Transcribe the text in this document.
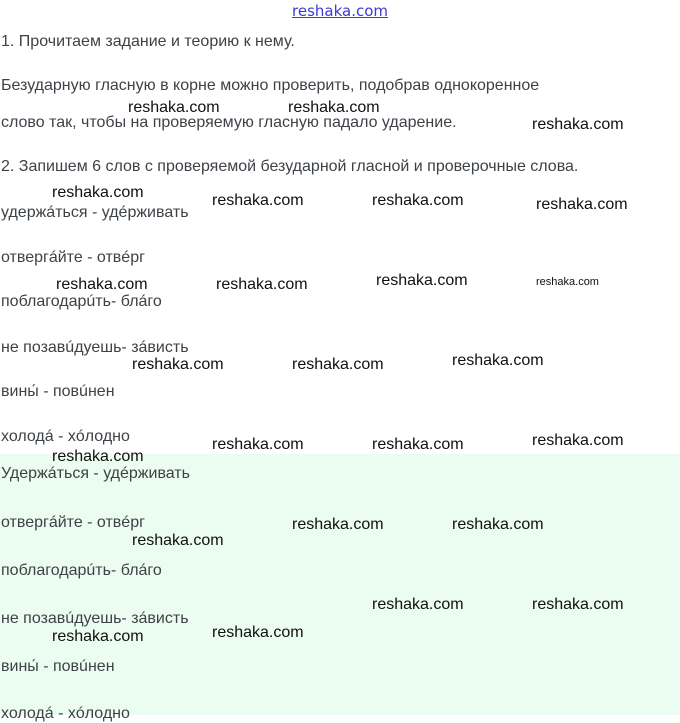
reshaka.com
1. Прочитаем задание и теорию к нему.
Безударную гласную в корне можно проверить, подобрав однокоренное
слово так, чтобы на проверяемую гласную падало ударение.
2. Запишем 6 слов с проверяемой безударной гласной и проверочные слова.
удержáться - удéрживать
отвергáйте - отвéрг
поблагодарúть- блáго
не позавúдуешь- зáвисть
вины́ - повúнен
холодá - хóлодно
Удержáться - удéрживать
отвергáйте - отвéрг
поблагодарúть- блáго
не позавúдуешь- зáвисть
вины́ - повúнен
холодá - хóлодно
reshaka.com	reshaka.com
reshaka.com
reshaka.com	reshaka.com	reshaka.com	reshaka.com
reshaka.com	reshaka.com	reshaka.com	reshaka.com
reshaka.com	reshaka.com	reshaka.com
reshaka.com	reshaka.com	reshaka.com
reshaka.com
reshaka.com	reshaka.com
reshaka.com
reshaka.com	reshaka.com
reshaka.com
reshaka.com
